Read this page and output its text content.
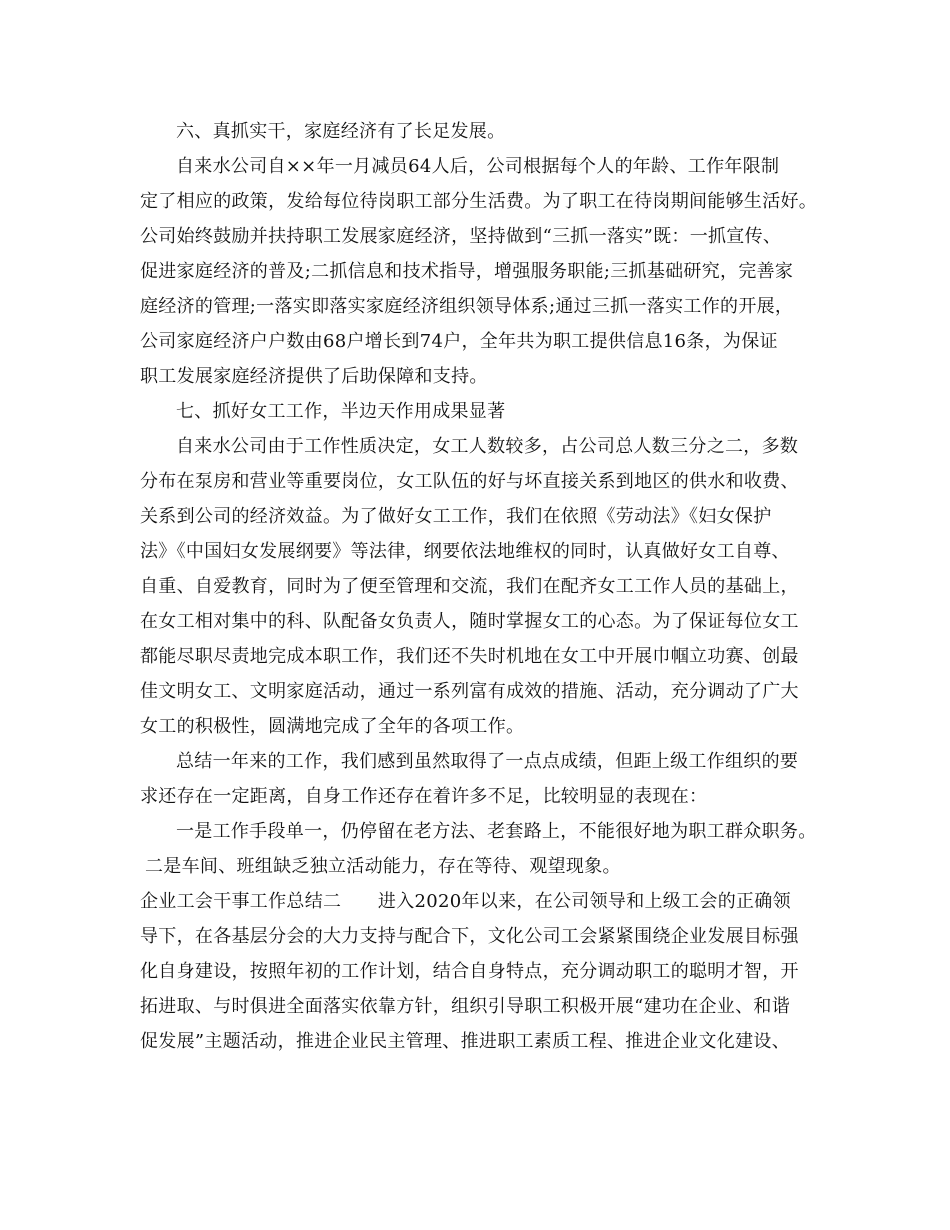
六、真抓实干，家庭经济有了长足发展。
自来水公司自××年一月减员64人后，公司根据每个人的年龄、工作年限制
定了相应的政策，发给每位待岗职工部分生活费。为了职工在待岗期间能够生活好。
公司始终鼓励并扶持职工发展家庭经济，坚持做到“三抓一落实”既：一抓宣传、
促进家庭经济的普及;二抓信息和技术指导，增强服务职能;三抓基础研究，完善家
庭经济的管理;一落实即落实家庭经济组织领导体系;通过三抓一落实工作的开展，
公司家庭经济户户数由68户增长到74户，全年共为职工提供信息16条，为保证
职工发展家庭经济提供了后助保障和支持。
七、抓好女工工作，半边天作用成果显著
自来水公司由于工作性质决定，女工人数较多，占公司总人数三分之二，多数
分布在泵房和营业等重要岗位，女工队伍的好与坏直接关系到地区的供水和收费、
关系到公司的经济效益。为了做好女工工作，我们在依照《劳动法》《妇女保护
法》《中国妇女发展纲要》等法律，纲要依法地维权的同时，认真做好女工自尊、
自重、自爱教育，同时为了便至管理和交流，我们在配齐女工工作人员的基础上，
在女工相对集中的科、队配备女负责人，随时掌握女工的心态。为了保证每位女工
都能尽职尽责地完成本职工作，我们还不失时机地在女工中开展巾帼立功赛、创最
佳文明女工、文明家庭活动，通过一系列富有成效的措施、活动，充分调动了广大
女工的积极性，圆满地完成了全年的各项工作。
总结一年来的工作，我们感到虽然取得了一点点成绩，但距上级工作组织的要
求还存在一定距离，自身工作还存在着许多不足，比较明显的表现在：
一是工作手段单一，仍停留在老方法、老套路上，不能很好地为职工群众职务。
二是车间、班组缺乏独立活动能力，存在等待、观望现象。
企业工会干事工作总结二　　进入2020年以来，在公司领导和上级工会的正确领
导下，在各基层分会的大力支持与配合下，文化公司工会紧紧围绕企业发展目标强
化自身建设，按照年初的工作计划，结合自身特点，充分调动职工的聪明才智，开
拓进取、与时俱进全面落实依靠方针，组织引导职工积极开展“建功在企业、和谐
促发展”主题活动，推进企业民主管理、推进职工素质工程、推进企业文化建设、
